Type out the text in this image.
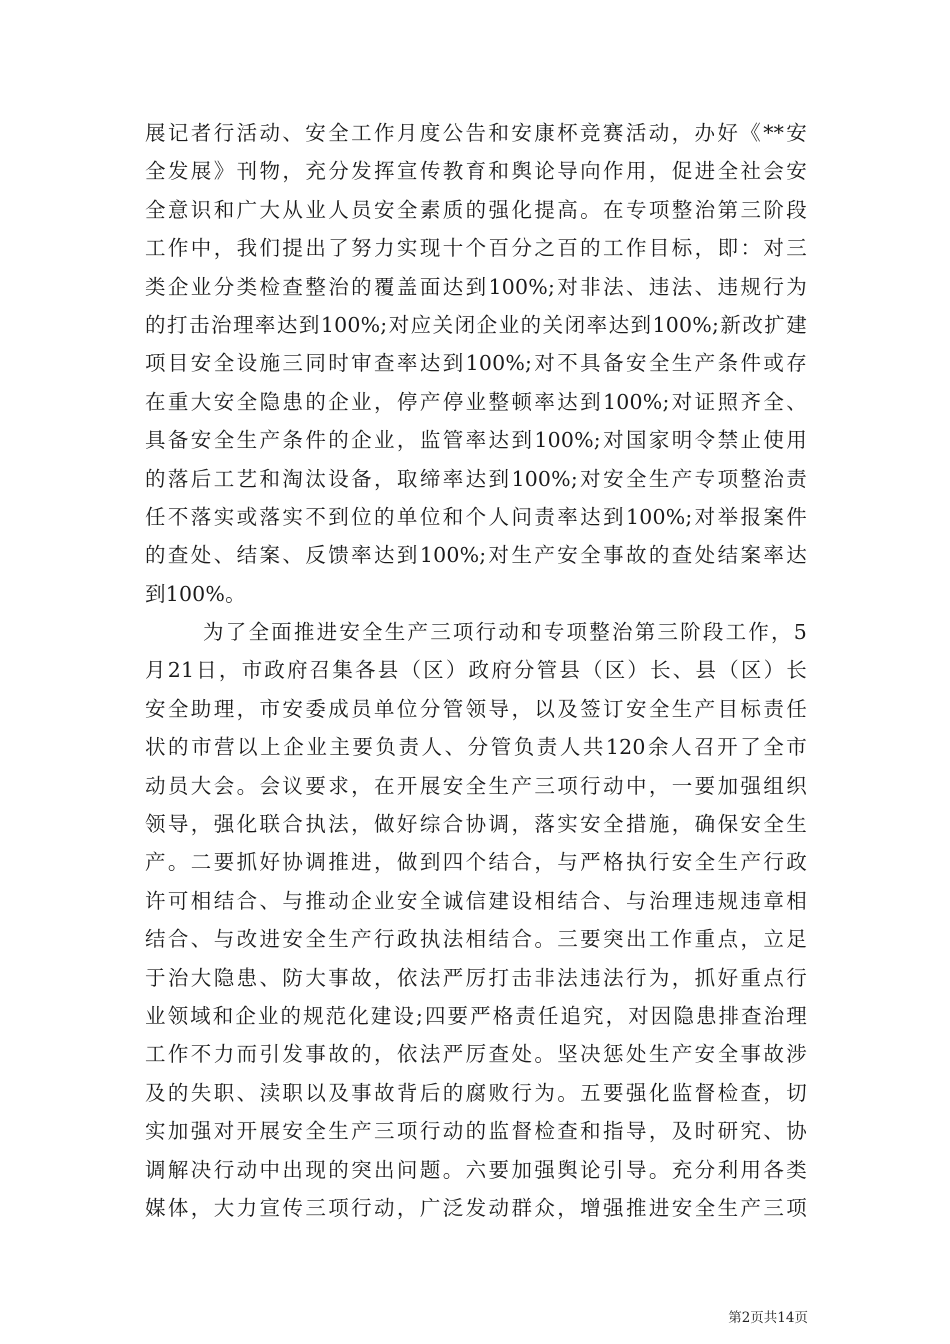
展记者行活动、安全工作月度公告和安康杯竞赛活动，办好《**安
全发展》刊物，充分发挥宣传教育和舆论导向作用，促进全社会安
全意识和广大从业人员安全素质的强化提高。在专项整治第三阶段
工作中，我们提出了努力实现十个百分之百的工作目标，即：对三
类企业分类检查整治的覆盖面达到100%;对非法、违法、违规行为
的打击治理率达到100%;对应关闭企业的关闭率达到100%;新改扩建
项目安全设施三同时审查率达到100%;对不具备安全生产条件或存
在重大安全隐患的企业，停产停业整顿率达到100%;对证照齐全、
具备安全生产条件的企业，监管率达到100%;对国家明令禁止使用
的落后工艺和淘汰设备，取缔率达到100%;对安全生产专项整治责
任不落实或落实不到位的单位和个人问责率达到100%;对举报案件
的查处、结案、反馈率达到100%;对生产安全事故的查处结案率达
到100%。
为了全面推进安全生产三项行动和专项整治第三阶段工作，5
月21日，市政府召集各县（区）政府分管县（区）长、县（区）长
安全助理，市安委成员单位分管领导，以及签订安全生产目标责任
状的市营以上企业主要负责人、分管负责人共120余人召开了全市
动员大会。会议要求，在开展安全生产三项行动中，一要加强组织
领导，强化联合执法，做好综合协调，落实安全措施，确保安全生
产。二要抓好协调推进，做到四个结合，与严格执行安全生产行政
许可相结合、与推动企业安全诚信建设相结合、与治理违规违章相
结合、与改进安全生产行政执法相结合。三要突出工作重点，立足
于治大隐患、防大事故，依法严厉打击非法违法行为，抓好重点行
业领域和企业的规范化建设;四要严格责任追究，对因隐患排查治理
工作不力而引发事故的，依法严厉查处。坚决惩处生产安全事故涉
及的失职、渎职以及事故背后的腐败行为。五要强化监督检查，切
实加强对开展安全生产三项行动的监督检查和指导，及时研究、协
调解决行动中出现的突出问题。六要加强舆论引导。充分利用各类
媒体，大力宣传三项行动，广泛发动群众，增强推进安全生产三项
第2页共14页
